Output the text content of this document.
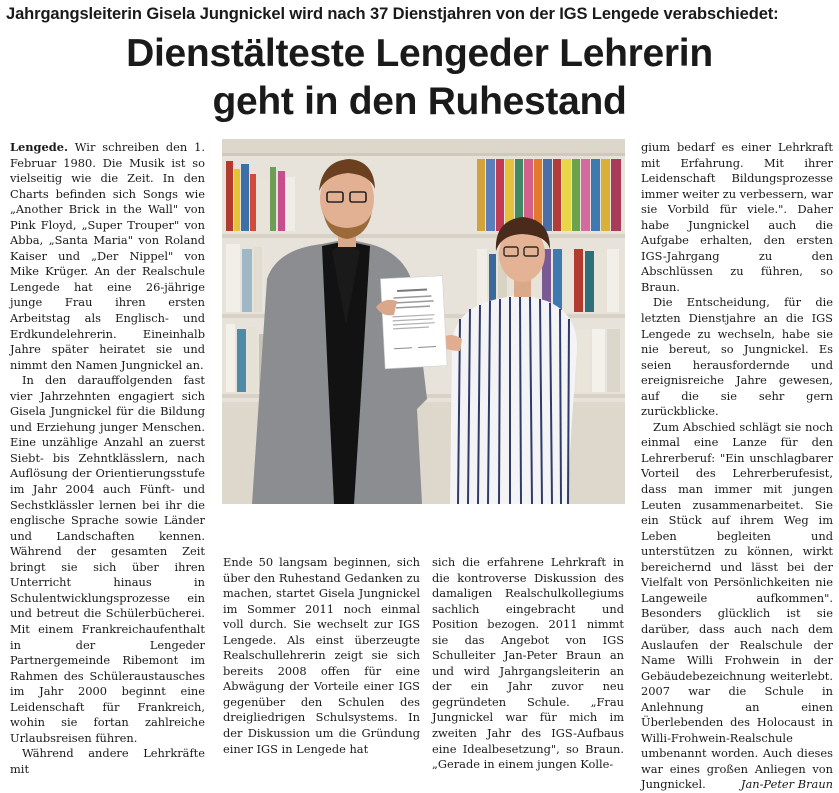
Jahrgangsleiterin Gisela Jungnickel wird nach 37 Dienstjahren von der IGS Lengede verabschiedet:
Dienstälteste Lengeder Lehrerin
geht in den Ruhestand

Lengede. Wir schreiben den 1. Februar 1980. Die Musik ist so vielseitig wie die Zeit. In den Charts befinden sich Songs wie „Another Brick in the Wall" von Pink Floyd, „Super Trouper" von Abba, „Santa Maria" von Roland Kaiser und „Der Nippel" von Mike Krüger. An der Realschule Lengede hat eine 26-jährige junge Frau ihren ersten Arbeitstag als Englisch- und Erdkundelehrerin. Eineinhalb Jahre später heiratet sie und nimmt den Namen Jungnickel an.

In den darauffolgenden fast vier Jahrzehnten engagiert sich Gisela Jungnickel für die Bildung und Erziehung junger Menschen. Eine unzählige Anzahl an zuerst Siebt- bis Zehntklässlern, nach Auflösung der Orientierungsstufe im Jahr 2004 auch Fünft- und Sechstklässler lernen bei ihr die englische Sprache sowie Länder und Landschaften kennen. Während der gesamten Zeit bringt sie sich über ihren Unterricht hinaus in Schulentwicklungsprozesse ein und betreut die Schülerbücherei. Mit einem Frankreichaufenthalt in der Lengeder Partnergemeinde Ribemont im Rahmen des Schüleraustausches im Jahr 2000 beginnt eine Leidenschaft für Frankreich, wohin sie fortan zahlreiche Urlaubsreisen führen.

Während andere Lehrkräfte mit

Ende 50 langsam beginnen, sich über den Ruhestand Gedanken zu machen, startet Gisela Jungnickel im Sommer 2011 noch einmal voll durch. Sie wechselt zur IGS Lengede. Als einst überzeugte Realschullehrerin zeigt sie sich bereits 2008 offen für eine Abwägung der Vorteile einer IGS gegenüber den Schulen des dreigliedrigen Schulsystems. In der Diskussion um die Gründung einer IGS in Lengede hat
sich die erfahrene Lehrkraft in die kontroverse Diskussion des damaligen Realschulkollegiums sachlich eingebracht und Position bezogen. 2011 nimmt sie das Angebot von IGS Schulleiter Jan-Peter Braun an und wird Jahrgangsleiterin an der ein Jahr zuvor neu gegründeten Schule. „Frau Jungnickel war für mich im zweiten Jahr des IGS-Aufbaus eine Idealbesetzung", so Braun. „Gerade in einem jungen Kolle-

gium bedarf es einer Lehrkraft mit Erfahrung. Mit ihrer Leidenschaft Bildungsprozesse immer weiter zu verbessern, war sie Vorbild für viele.". Daher habe Jungnickel auch die Aufgabe erhalten, den ersten IGS-Jahrgang zu den Abschlüssen zu führen, so Braun.

Die Entscheidung, für die letzten Dienstjahre an die IGS Lengede zu wechseln, habe sie nie bereut, so Jungnickel. Es seien herausfordernde und ereignisreiche Jahre gewesen, auf die sie sehr gern zurückblicke.

Zum Abschied schlägt sie noch einmal eine Lanze für den Lehrerberuf: "Ein unschlagbarer Vorteil des Lehrerberufesist, dass man immer mit jungen Leuten zusammenarbeitet. Sie ein Stück auf ihrem Weg im Leben begleiten und unterstützen zu können, wirkt bereichernd und lässt bei der Vielfalt von Persönlichkeiten nie Langeweile aufkommen". Besonders glücklich ist sie darüber, dass auch nach dem Auslaufen der Realschule der Name Willi Frohwein in der Gebäudebezeichnung weiterlebt. 2007 war die Schule in Anlehnung an einen Überlebenden des Holocaust in Willi-Frohwein-Realschule umbenannt worden. Auch dieses war eines großen Anliegen von Jungnickel.	Jan-Peter Braun
